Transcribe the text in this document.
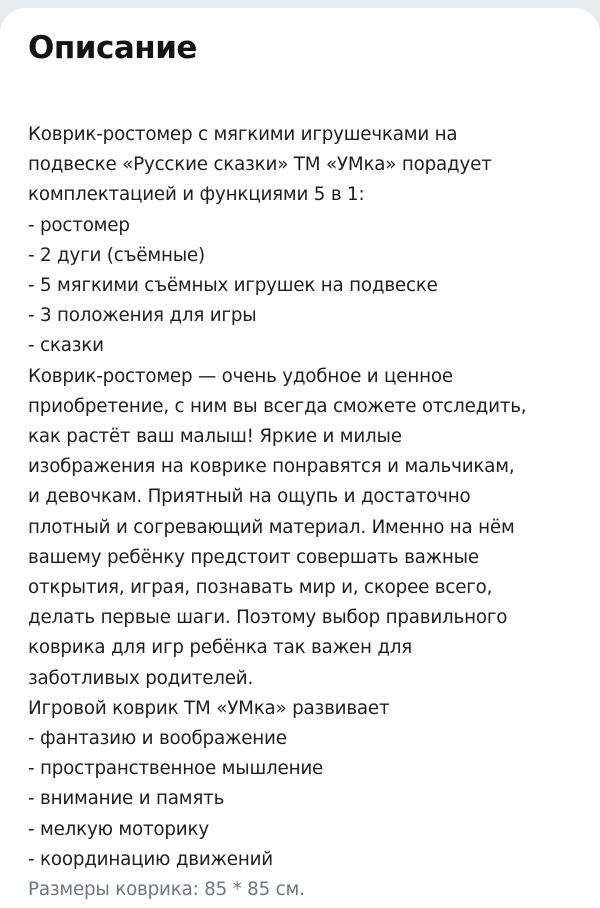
Описание
Коврик-ростомер с мягкими игрушечками на
подвеске «Русские сказки» ТМ «УМка» порадует
комплектацией и функциями 5 в 1:
- ростомер
- 2 дуги (съёмные)
- 5 мягкими съёмных игрушек на подвеске
- 3 положения для игры
- сказки
Коврик-ростомер — очень удобное и ценное
приобретение, с ним вы всегда сможете отследить,
как растёт ваш малыш! Яркие и милые
изображения на коврике понравятся и мальчикам,
и девочкам. Приятный на ощупь и достаточно
плотный и согревающий материал. Именно на нём
вашему ребёнку предстоит совершать важные
открытия, играя, познавать мир и, скорее всего,
делать первые шаги. Поэтому выбор правильного
коврика для игр ребёнка так важен для
заботливых родителей.
Игровой коврик ТМ «УМка» развивает
- фантазию и воображение
- пространственное мышление
- внимание и память
- мелкую моторику
- координацию движений
Размеры коврика: 85 * 85 см.
